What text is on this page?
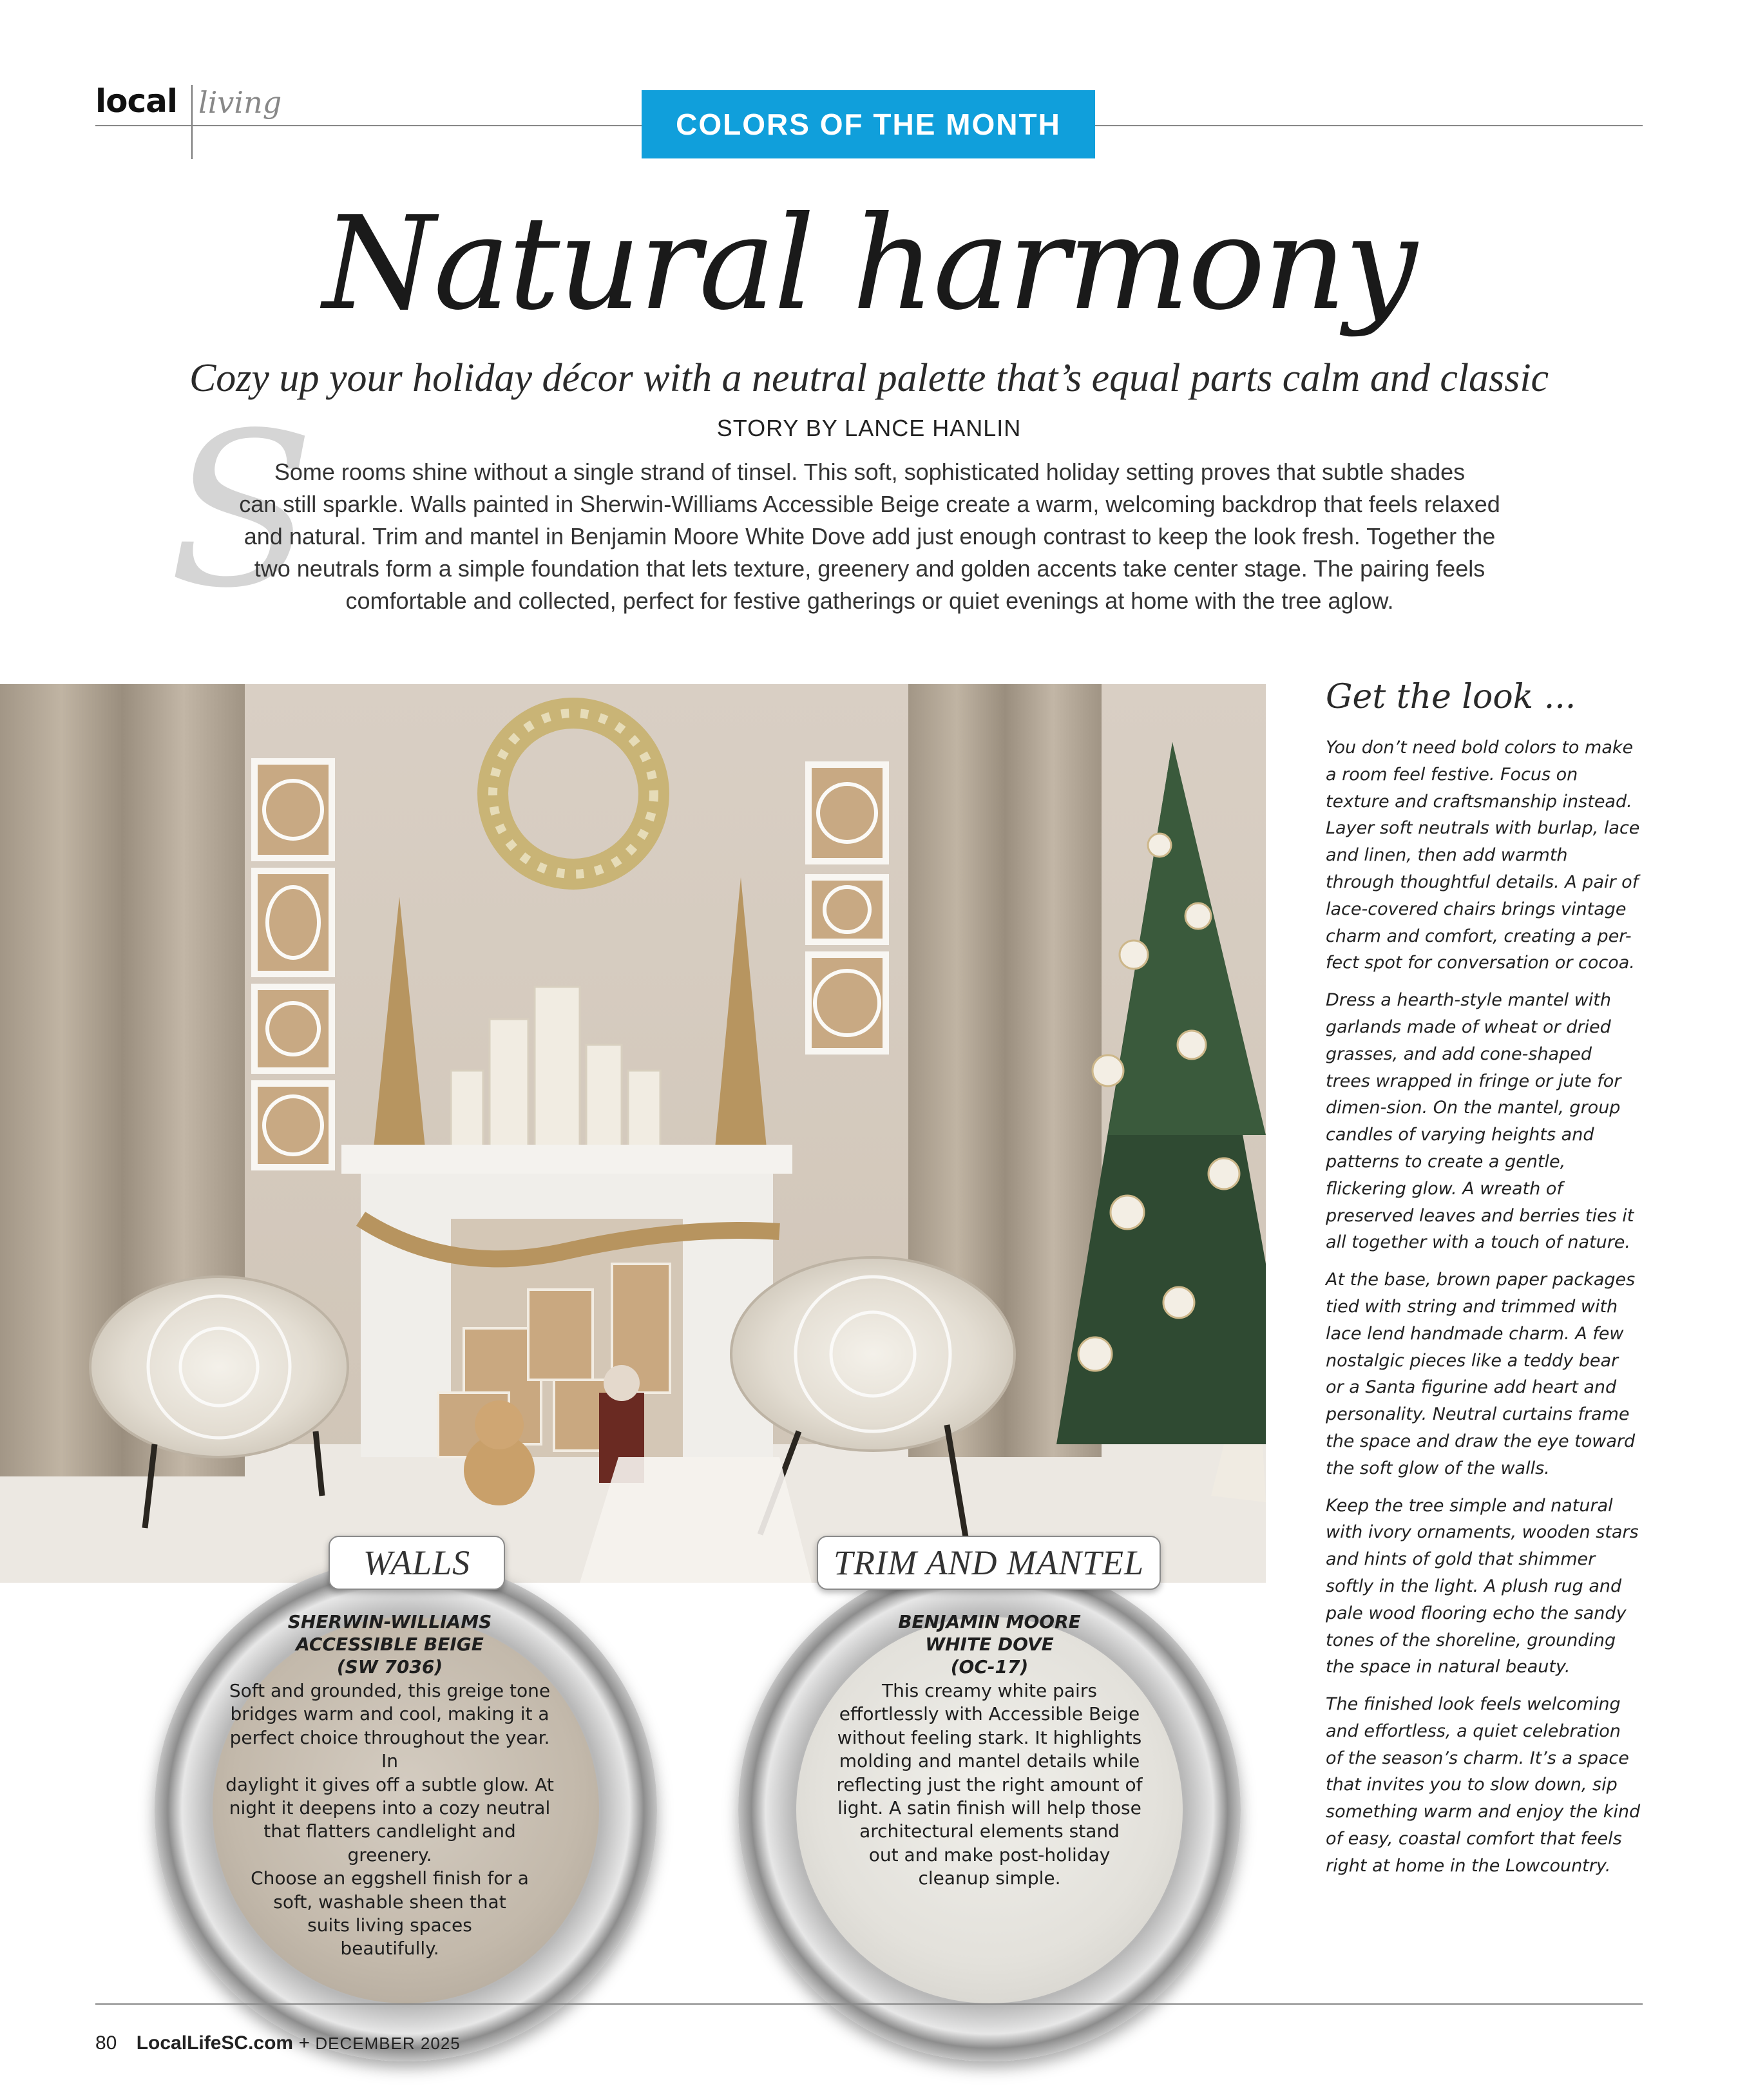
local living
COLORS OF THE MONTH
Natural harmony
Cozy up your holiday décor with a neutral palette that’s equal parts calm and classic
STORY BY LANCE HANLIN
S
Some rooms shine without a single strand of tinsel. This soft, sophisticated holiday setting proves that subtle shades
can still sparkle. Walls painted in Sherwin-Williams Accessible Beige create a warm, welcoming backdrop that feels relaxed
and natural. Trim and mantel in Benjamin Moore White Dove add just enough contrast to keep the look fresh. Together the
two neutrals form a simple foundation that lets texture, greenery and golden accents take center stage. The pairing feels
comfortable and collected, perfect for festive gatherings or quiet evenings at home with the tree aglow.
Get the look ...

You don’t need bold colors to make a room feel festive. Focus on texture and craftsmanship instead. Layer soft neutrals with burlap, lace and linen, then add warmth through thoughtful details. A pair of lace-covered chairs brings vintage charm and comfort, creating a per-fect spot for conversation or cocoa.

Dress a hearth-style mantel with garlands made of wheat or dried grasses, and add cone-shaped trees wrapped in fringe or jute for dimen-sion. On the mantel, group candles of varying heights and patterns to create a gentle, flickering glow. A wreath of preserved leaves and berries ties it all together with a touch of nature.

At the base, brown paper packages tied with string and trimmed with lace lend handmade charm. A few nostalgic pieces like a teddy bear or a Santa figurine add heart and personality. Neutral curtains frame the space and draw the eye toward the soft glow of the walls.

Keep the tree simple and natural with ivory ornaments, wooden stars and hints of gold that shimmer softly in the light. A plush rug and pale wood flooring echo the sandy tones of the shoreline, grounding the space in natural beauty.

The finished look feels welcoming and effortless, a quiet celebration of the season’s charm. It’s a space that invites you to slow down, sip something warm and enjoy the kind of easy, coastal comfort that feels right at home in the Lowcountry.

WALLS	TRIM AND MANTEL
SHERWIN-WILLIAMS
ACCESSIBLE BEIGE
(SW 7036)
Soft and grounded, this greige tone
bridges warm and cool, making it a
perfect choice throughout the year. In
daylight it gives off a subtle glow. At
night it deepens into a cozy neutral
that flatters candlelight and greenery.
Choose an eggshell finish for a
soft, washable sheen that
suits living spaces
beautifully.
BENJAMIN MOORE
WHITE DOVE
(OC-17)
This creamy white pairs
effortlessly with Accessible Beige
without feeling stark. It highlights
molding and mantel details while
reflecting just the right amount of
light. A satin finish will help those
architectural elements stand
out and make post-holiday
cleanup simple.
80 LocalLifeSC.com + DECEMBER 2025
